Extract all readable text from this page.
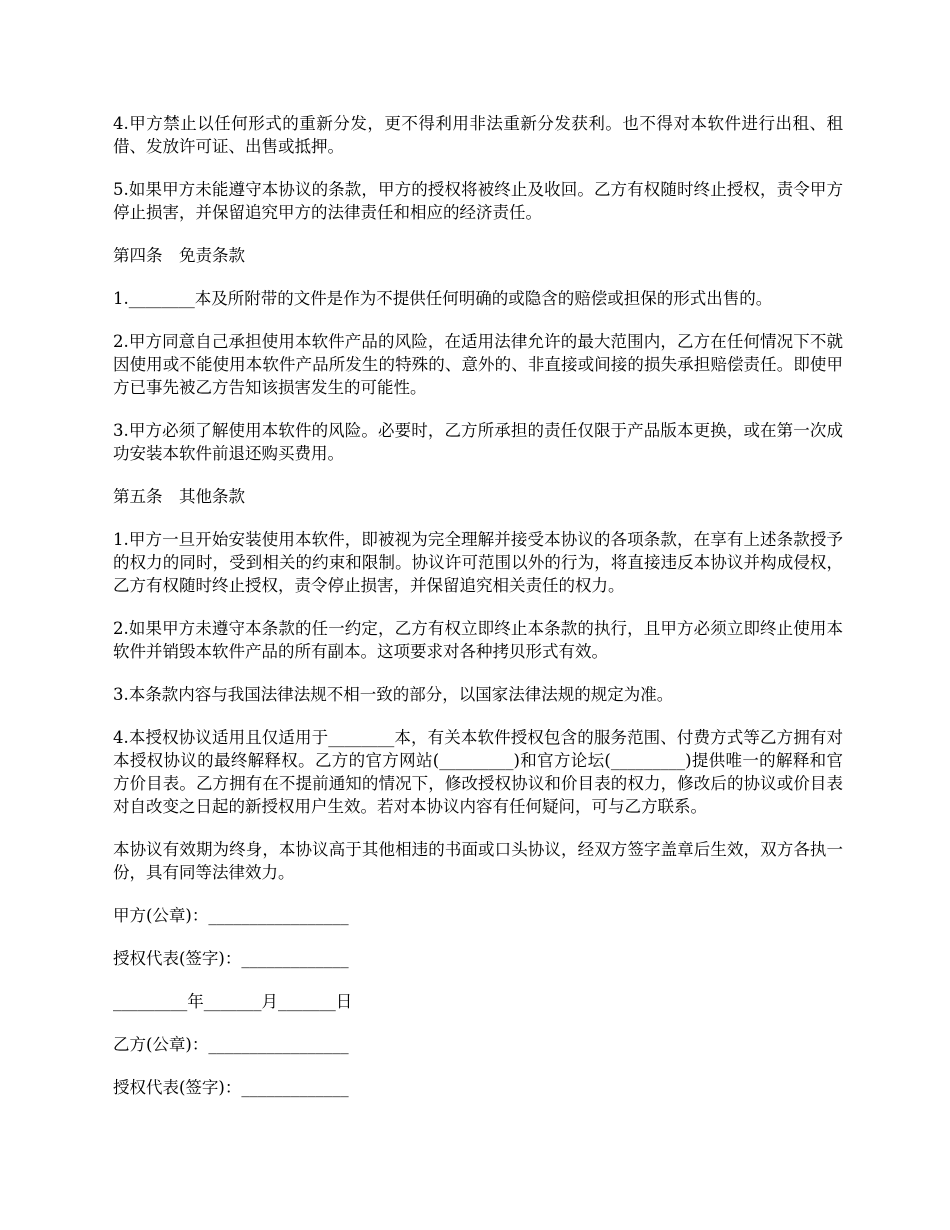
4.甲方禁止以任何形式的重新分发，更不得利用非法重新分发获利。也不得对本软件进行出租、租借、发放许可证、出售或抵押。

5.如果甲方未能遵守本协议的条款，甲方的授权将被终止及收回。乙方有权随时终止授权，责令甲方停止损害，并保留追究甲方的法律责任和相应的经济责任。

第四条　免责条款

1.________本及所附带的文件是作为不提供任何明确的或隐含的赔偿或担保的形式出售的。

2.甲方同意自己承担使用本软件产品的风险，在适用法律允许的最大范围内，乙方在任何情况下不就因使用或不能使用本软件产品所发生的特殊的、意外的、非直接或间接的损失承担赔偿责任。即使甲方已事先被乙方告知该损害发生的可能性。

3.甲方必须了解使用本软件的风险。必要时，乙方所承担的责任仅限于产品版本更换，或在第一次成功安装本软件前退还购买费用。

第五条　其他条款

1.甲方一旦开始安装使用本软件，即被视为完全理解并接受本协议的各项条款，在享有上述条款授予的权力的同时，受到相关的约束和限制。协议许可范围以外的行为，将直接违反本协议并构成侵权，乙方有权随时终止授权，责令停止损害，并保留追究相关责任的权力。

2.如果甲方未遵守本条款的任一约定，乙方有权立即终止本条款的执行，且甲方必须立即终止使用本软件并销毁本软件产品的所有副本。这项要求对各种拷贝形式有效。

3.本条款内容与我国法律法规不相一致的部分，以国家法律法规的规定为准。

4.本授权协议适用且仅适用于________本，有关本软件授权包含的服务范围、付费方式等乙方拥有对本授权协议的最终解释权。乙方的官方网站(_________)和官方论坛(_________)提供唯一的解释和官方价目表。乙方拥有在不提前通知的情况下，修改授权协议和价目表的权力，修改后的协议或价目表对自改变之日起的新授权用户生效。若对本协议内容有任何疑问，可与乙方联系。

本协议有效期为终身，本协议高于其他相违的书面或口头协议，经双方签字盖章后生效，双方各执一份，具有同等法律效力。

甲方(公章)：_________________

授权代表(签字)：_____________

_________年_______月_______日

乙方(公章)：_________________

授权代表(签字)：_____________
